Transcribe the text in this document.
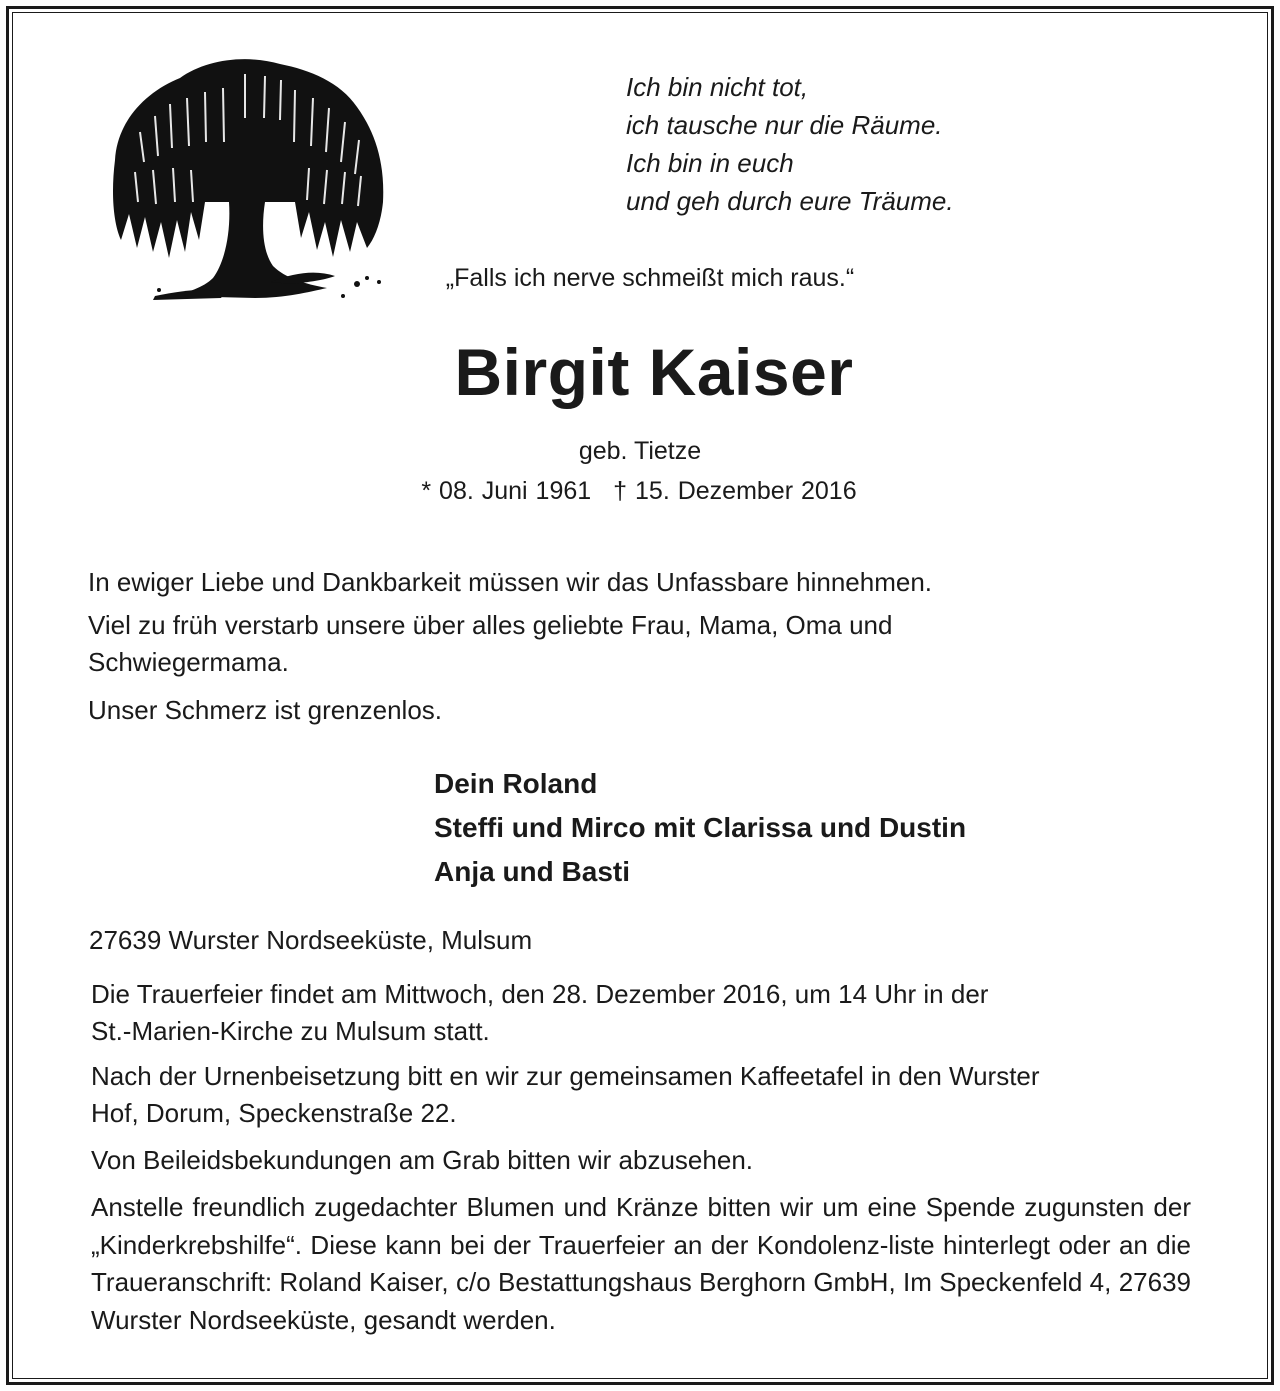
Ich bin nicht tot,
ich tausche nur die Räume.
Ich bin in euch
und geh durch eure Träume.
„Falls ich nerve schmeißt mich raus.“
Birgit Kaiser
geb. Tietze
* 08. Juni 1961 † 15. Dezember 2016

In ewiger Liebe und Dankbarkeit müssen wir das Unfassbare hinnehmen.

Viel zu früh verstarb unsere über alles geliebte Frau, Mama, Oma und

Schwiegermama.

Unser Schmerz ist grenzenlos.

Dein Roland
Steffi und Mirco mit Clarissa und Dustin
Anja und Basti

27639 Wurster Nordseeküste, Mulsum

Die Trauerfeier findet am Mittwoch, den 28. Dezember 2016, um 14 Uhr in der

St.-Marien-Kirche zu Mulsum statt.

Nach der Urnenbeisetzung bitt en wir zur gemeinsamen Kaffeetafel in den Wurster

Hof, Dorum, Speckenstraße 22.

Von Beileidsbekundungen am Grab bitten wir abzusehen.

Anstelle freundlich zugedachter Blumen und Kränze bitten wir um eine Spende zugunsten der „Kinderkrebshilfe“. Diese kann bei der Trauerfeier an der Kondolenz-liste hinterlegt oder an die Traueranschrift: Roland Kaiser, c/o Bestattungshaus Berghorn GmbH, Im Speckenfeld 4, 27639 Wurster Nordseeküste, gesandt werden.
